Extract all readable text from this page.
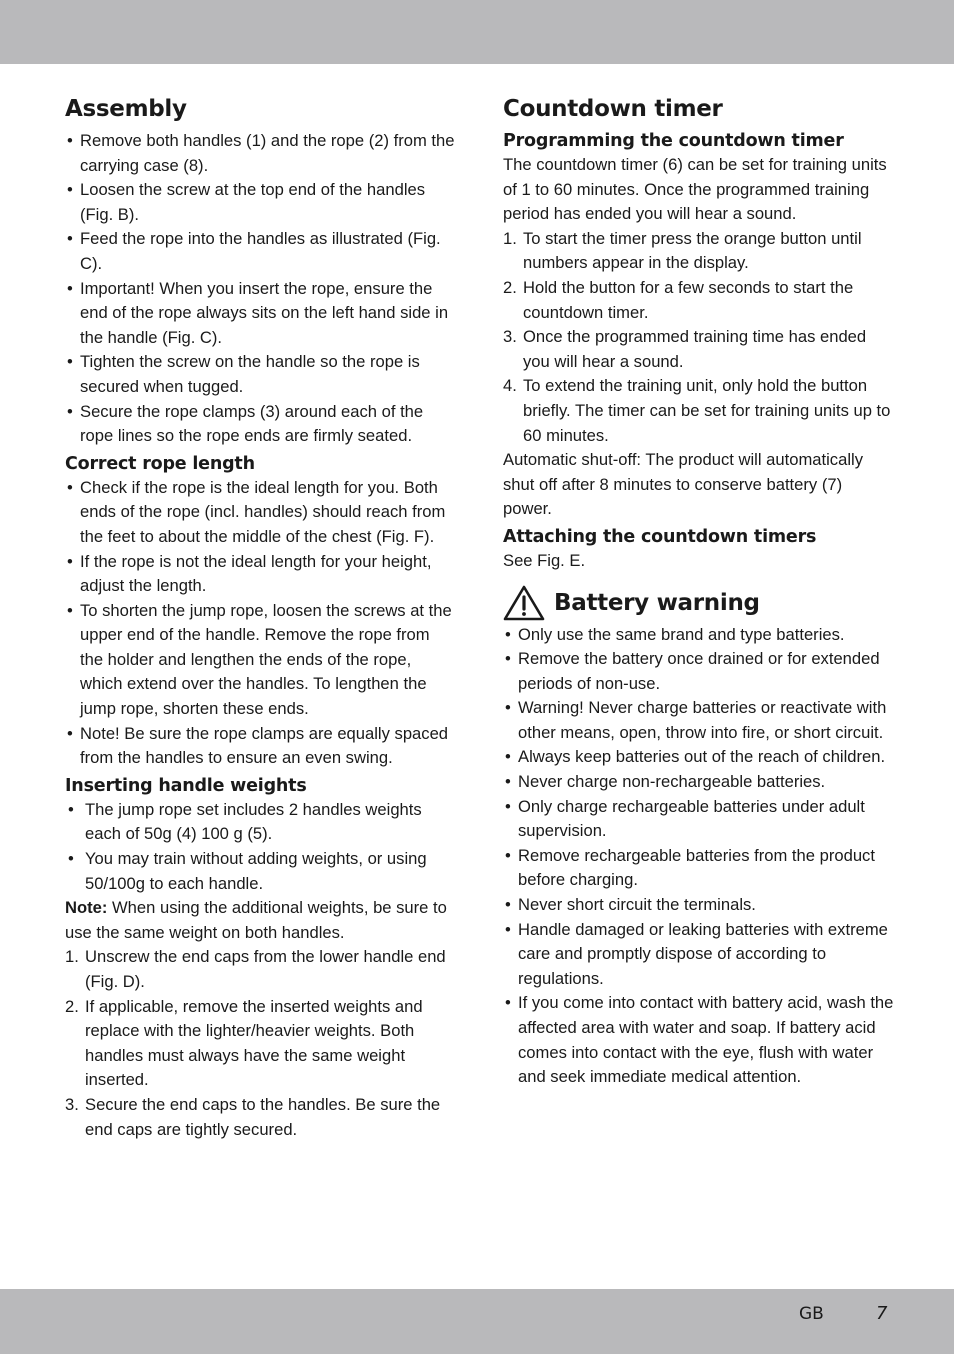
Assembly
• Remove both handles (1) and the rope (2) from the carrying case (8).
• Loosen the screw at the top end of the handles (Fig. B).
• Feed the rope into the handles as illustrated (Fig. C).
• Important! When you insert the rope, ensure the end of the rope always sits on the left hand side in the handle (Fig. C).
• Tighten the screw on the handle so the rope is secured when tugged.
• Secure the rope clamps (3) around each of the rope lines so the rope ends are firmly seated.
Correct rope length
• Check if the rope is the ideal length for you. Both ends of the rope (incl. handles) should reach from the feet to about the middle of the chest (Fig. F).
• If the rope is not the ideal length for your height, adjust the length.
• To shorten the jump rope, loosen the screws at the upper end of the handle. Remove the rope from the holder and lengthen the ends of the rope, which extend over the handles. To lengthen the jump rope, shorten these ends.
• Note! Be sure the rope clamps are equally spaced from the handles to ensure an even swing.
Inserting handle weights
• The jump rope set includes 2 handles weights each of 50g (4) 100 g (5).
• You may train without adding weights, or using 50/100g to each handle.

Note: When using the additional weights, be sure to use the same weight on both handles.

1. Unscrew the end caps from the lower handle end (Fig. D).
2. If applicable, remove the inserted weights and replace with the lighter/heavier weights. Both handles must always have the same weight inserted.
3. Secure the end caps to the handles. Be sure the end caps are tightly secured.
Countdown timer
Programming the countdown timer

The countdown timer (6) can be set for training units of 1 to 60 minutes. Once the programmed training period has ended you will hear a sound.

1. To start the timer press the orange button until numbers appear in the display.
2. Hold the button for a few seconds to start the countdown timer.
3. Once the programmed training time has ended you will hear a sound.
4. To extend the training unit, only hold the button briefly. The timer can be set for training units up to 60 minutes.

Automatic shut-off: The product will automatically shut off after 8 minutes to conserve battery (7) power.

Attaching the countdown timers

See Fig. E.

Battery warning
• Only use the same brand and type batteries.
• Remove the battery once drained or for extended periods of non-use.
• Warning! Never charge batteries or reactivate with other means, open, throw into fire, or short circuit.
• Always keep batteries out of the reach of children.
• Never charge non-rechargeable batteries.
• Only charge rechargeable batteries under adult supervision.
• Remove rechargeable batteries from the product before charging.
• Never short circuit the terminals.
• Handle damaged or leaking batteries with extreme care and promptly dispose of according to regulations.
• If you come into contact with battery acid, wash the affected area with water and soap. If battery acid comes into contact with the eye, flush with water and seek immediate medical attention.
GB	7
